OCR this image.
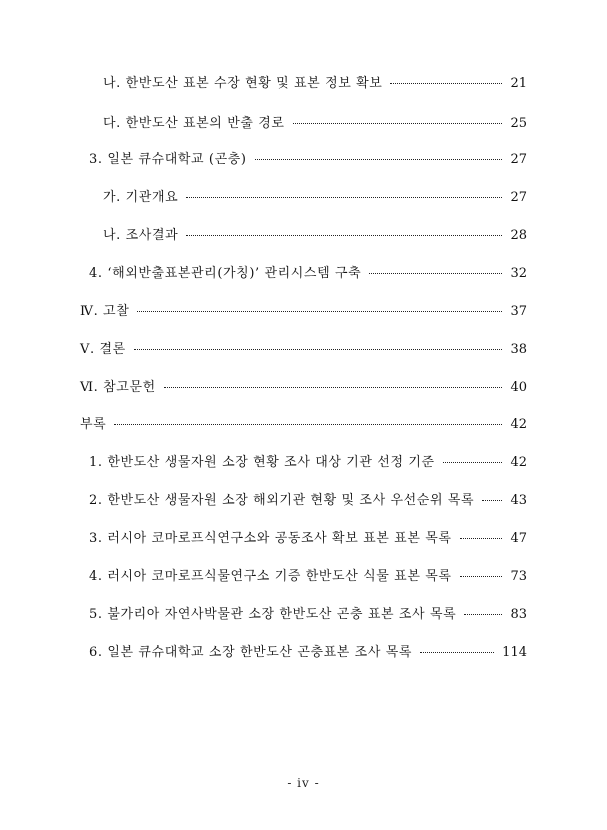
나. 한반도산 표본 수장 현황 및 표본 정보 확보	21
다. 한반도산 표본의 반출 경로	25
3. 일본 큐슈대학교 (곤충)	27
가. 기관개요	27
나. 조사결과	28
4. ‘해외반출표본관리(가칭)’ 관리시스템 구축	32
Ⅳ. 고찰	37
Ⅴ. 결론	38
Ⅵ. 참고문헌	40
부록	42
1. 한반도산 생물자원 소장 현황 조사 대상 기관 선정 기준	42
2. 한반도산 생물자원 소장 해외기관 현황 및 조사 우선순위 목록	43
3. 러시아 코마로프식연구소와 공동조사 확보 표본 표본 목록	47
4. 러시아 코마로프식물연구소 기증 한반도산 식물 표본 목록	73
5. 불가리아 자연사박물관 소장 한반도산 곤충 표본 조사 목록	83
6. 일본 큐슈대학교 소장 한반도산 곤충표본 조사 목록	114
- iv -
